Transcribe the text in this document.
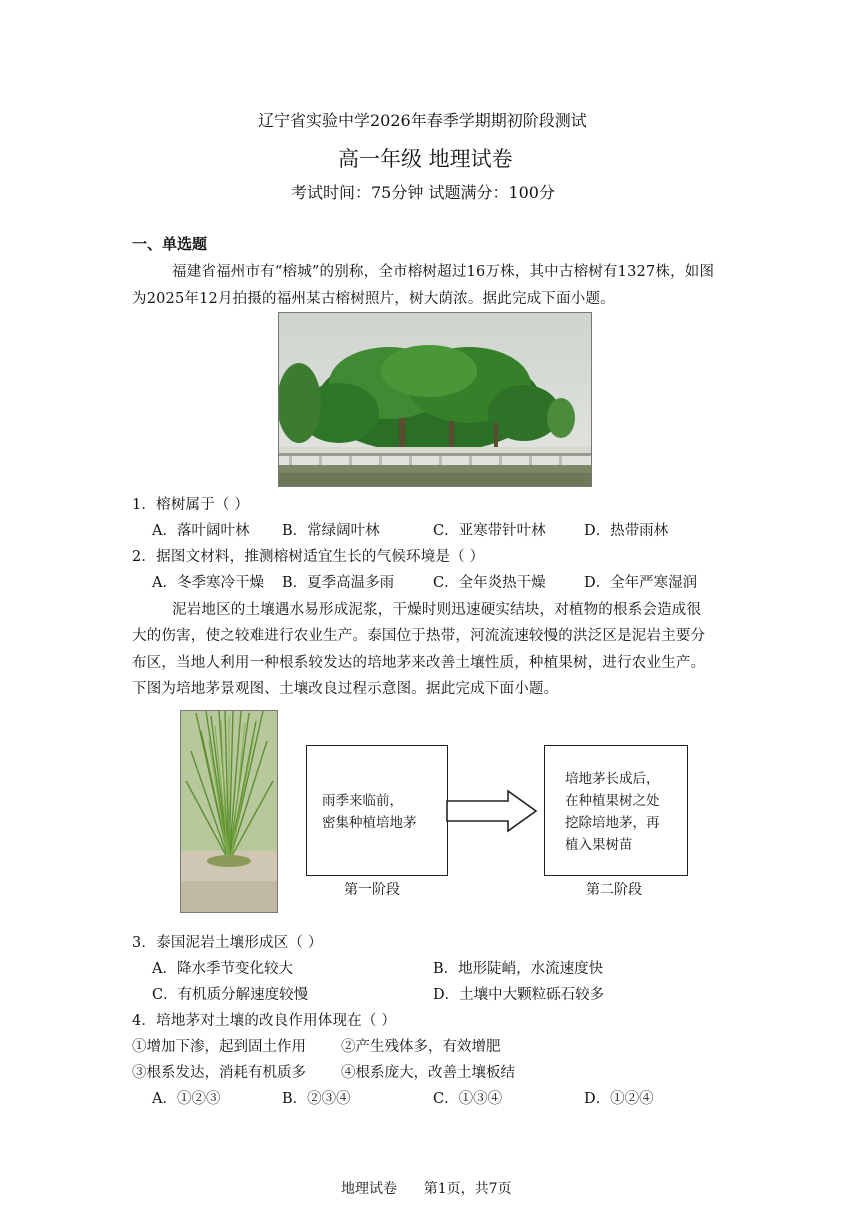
辽宁省实验中学2026年春季学期期初阶段测试
高一年级 地理试卷
考试时间：75分钟 试题满分：100分
一、单选题
福建省福州市有“榕城”的别称，全市榕树超过16万株，其中古榕树有1327株，如图
为2025年12月拍摄的福州某古榕树照片，树大荫浓。据此完成下面小题。
1．榕树属于（ ）
A．落叶阔叶林 B．常绿阔叶林	C．亚寒带针叶林	D．热带雨林
2．据图文材料，推测榕树适宜生长的气候环境是（ ）
A．冬季寒冷干燥 B．夏季高温多雨	C．全年炎热干燥	D．全年严寒湿润
泥岩地区的土壤遇水易形成泥浆，干燥时则迅速硬实结块，对植物的根系会造成很
大的伤害，使之较难进行农业生产。泰国位于热带，河流流速较慢的洪泛区是泥岩主要分
布区，当地人利用一种根系较发达的培地茅来改善土壤性质，种植果树，进行农业生产。
下图为培地茅景观图、土壤改良过程示意图。据此完成下面小题。
雨季来临前，
密集种植培地茅
培地茅长成后，
在种植果树之处
挖除培地茅，再
植入果树苗
第一阶段	第二阶段
3．泰国泥岩土壤形成区（ ）
A．降水季节变化较大	B．地形陡峭，水流速度快
C．有机质分解速度较慢	D．土壤中大颗粒砾石较多
4．培地茅对土壤的改良作用体现在（ ）
①增加下渗，起到固土作用 ②产生残体多，有效增肥
③根系发达，消耗有机质多 ④根系庞大，改善土壤板结
A．①②③	B．②③④	C．①③④	D．①②④
地理试卷      第1页，共7页
